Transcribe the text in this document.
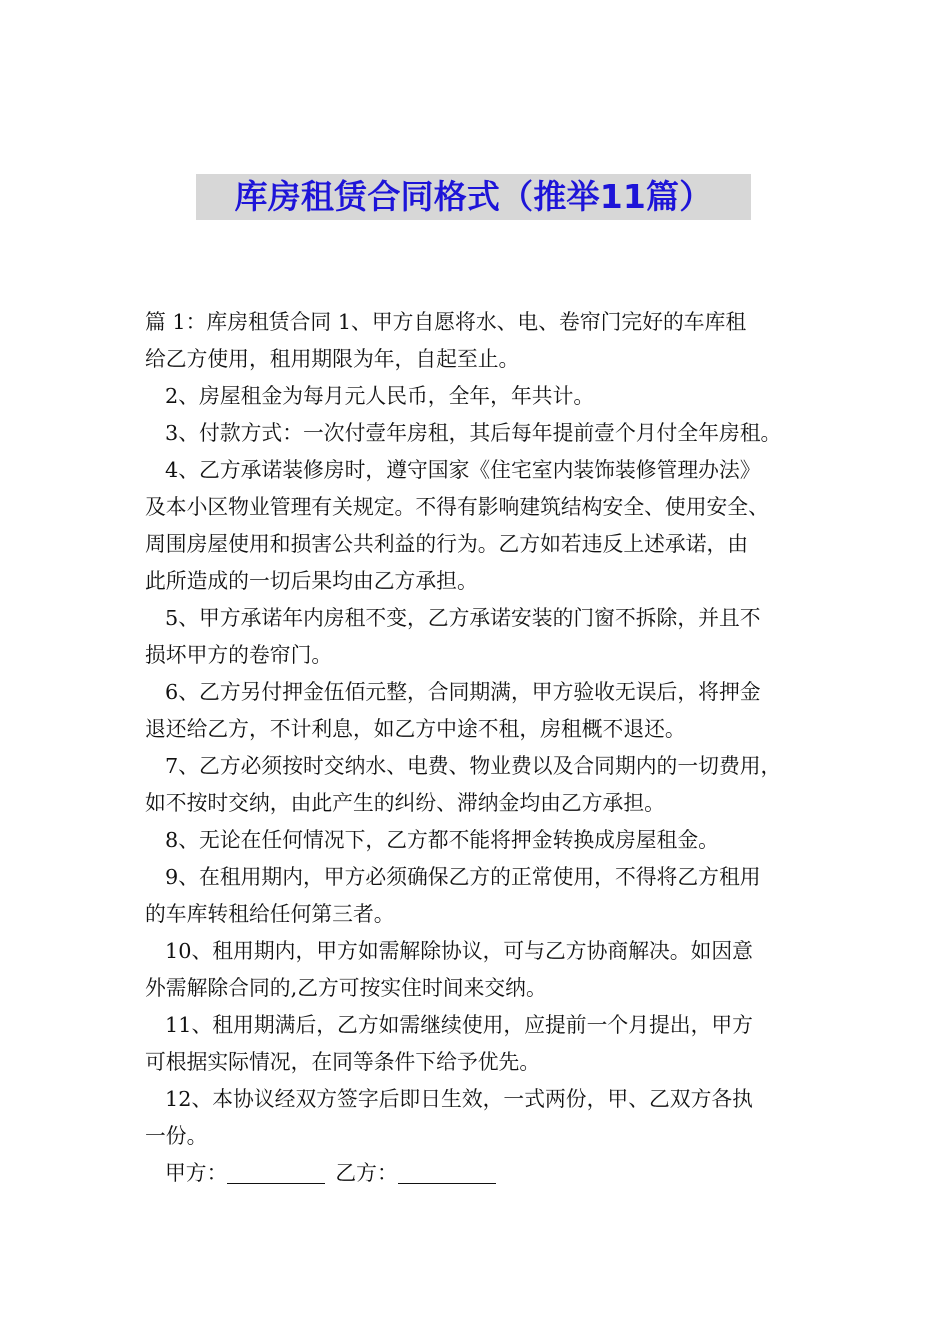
库房租赁合同格式（推举11篇）
篇 1：库房租赁合同 1、甲方自愿将水、电、卷帘门完好的车库租
给乙方使用，租用期限为年，自起至止。
2、房屋租金为每月元人民币，全年，年共计。
3、付款方式：一次付壹年房租，其后每年提前壹个月付全年房租。
4、乙方承诺装修房时，遵守国家《住宅室内装饰装修管理办法》
及本小区物业管理有关规定。不得有影响建筑结构安全、使用安全、
周围房屋使用和损害公共利益的行为。乙方如若违反上述承诺，由
此所造成的一切后果均由乙方承担。
5、甲方承诺年内房租不变，乙方承诺安装的门窗不拆除，并且不
损坏甲方的卷帘门。
6、乙方另付押金伍佰元整，合同期满，甲方验收无误后，将押金
退还给乙方，不计利息，如乙方中途不租，房租概不退还。
7、乙方必须按时交纳水、电费、物业费以及合同期内的一切费用，
如不按时交纳，由此产生的纠纷、滞纳金均由乙方承担。
8、无论在任何情况下，乙方都不能将押金转换成房屋租金。
9、在租用期内，甲方必须确保乙方的正常使用，不得将乙方租用
的车库转租给任何第三者。
10、租用期内，甲方如需解除协议，可与乙方协商解决。如因意
外需解除合同的,乙方可按实住时间来交纳。
11、租用期满后，乙方如需继续使用，应提前一个月提出，甲方
可根据实际情况，在同等条件下给予优先。
12、本协议经双方签字后即日生效，一式两份，甲、乙双方各执
一份。
甲方：	乙方：
